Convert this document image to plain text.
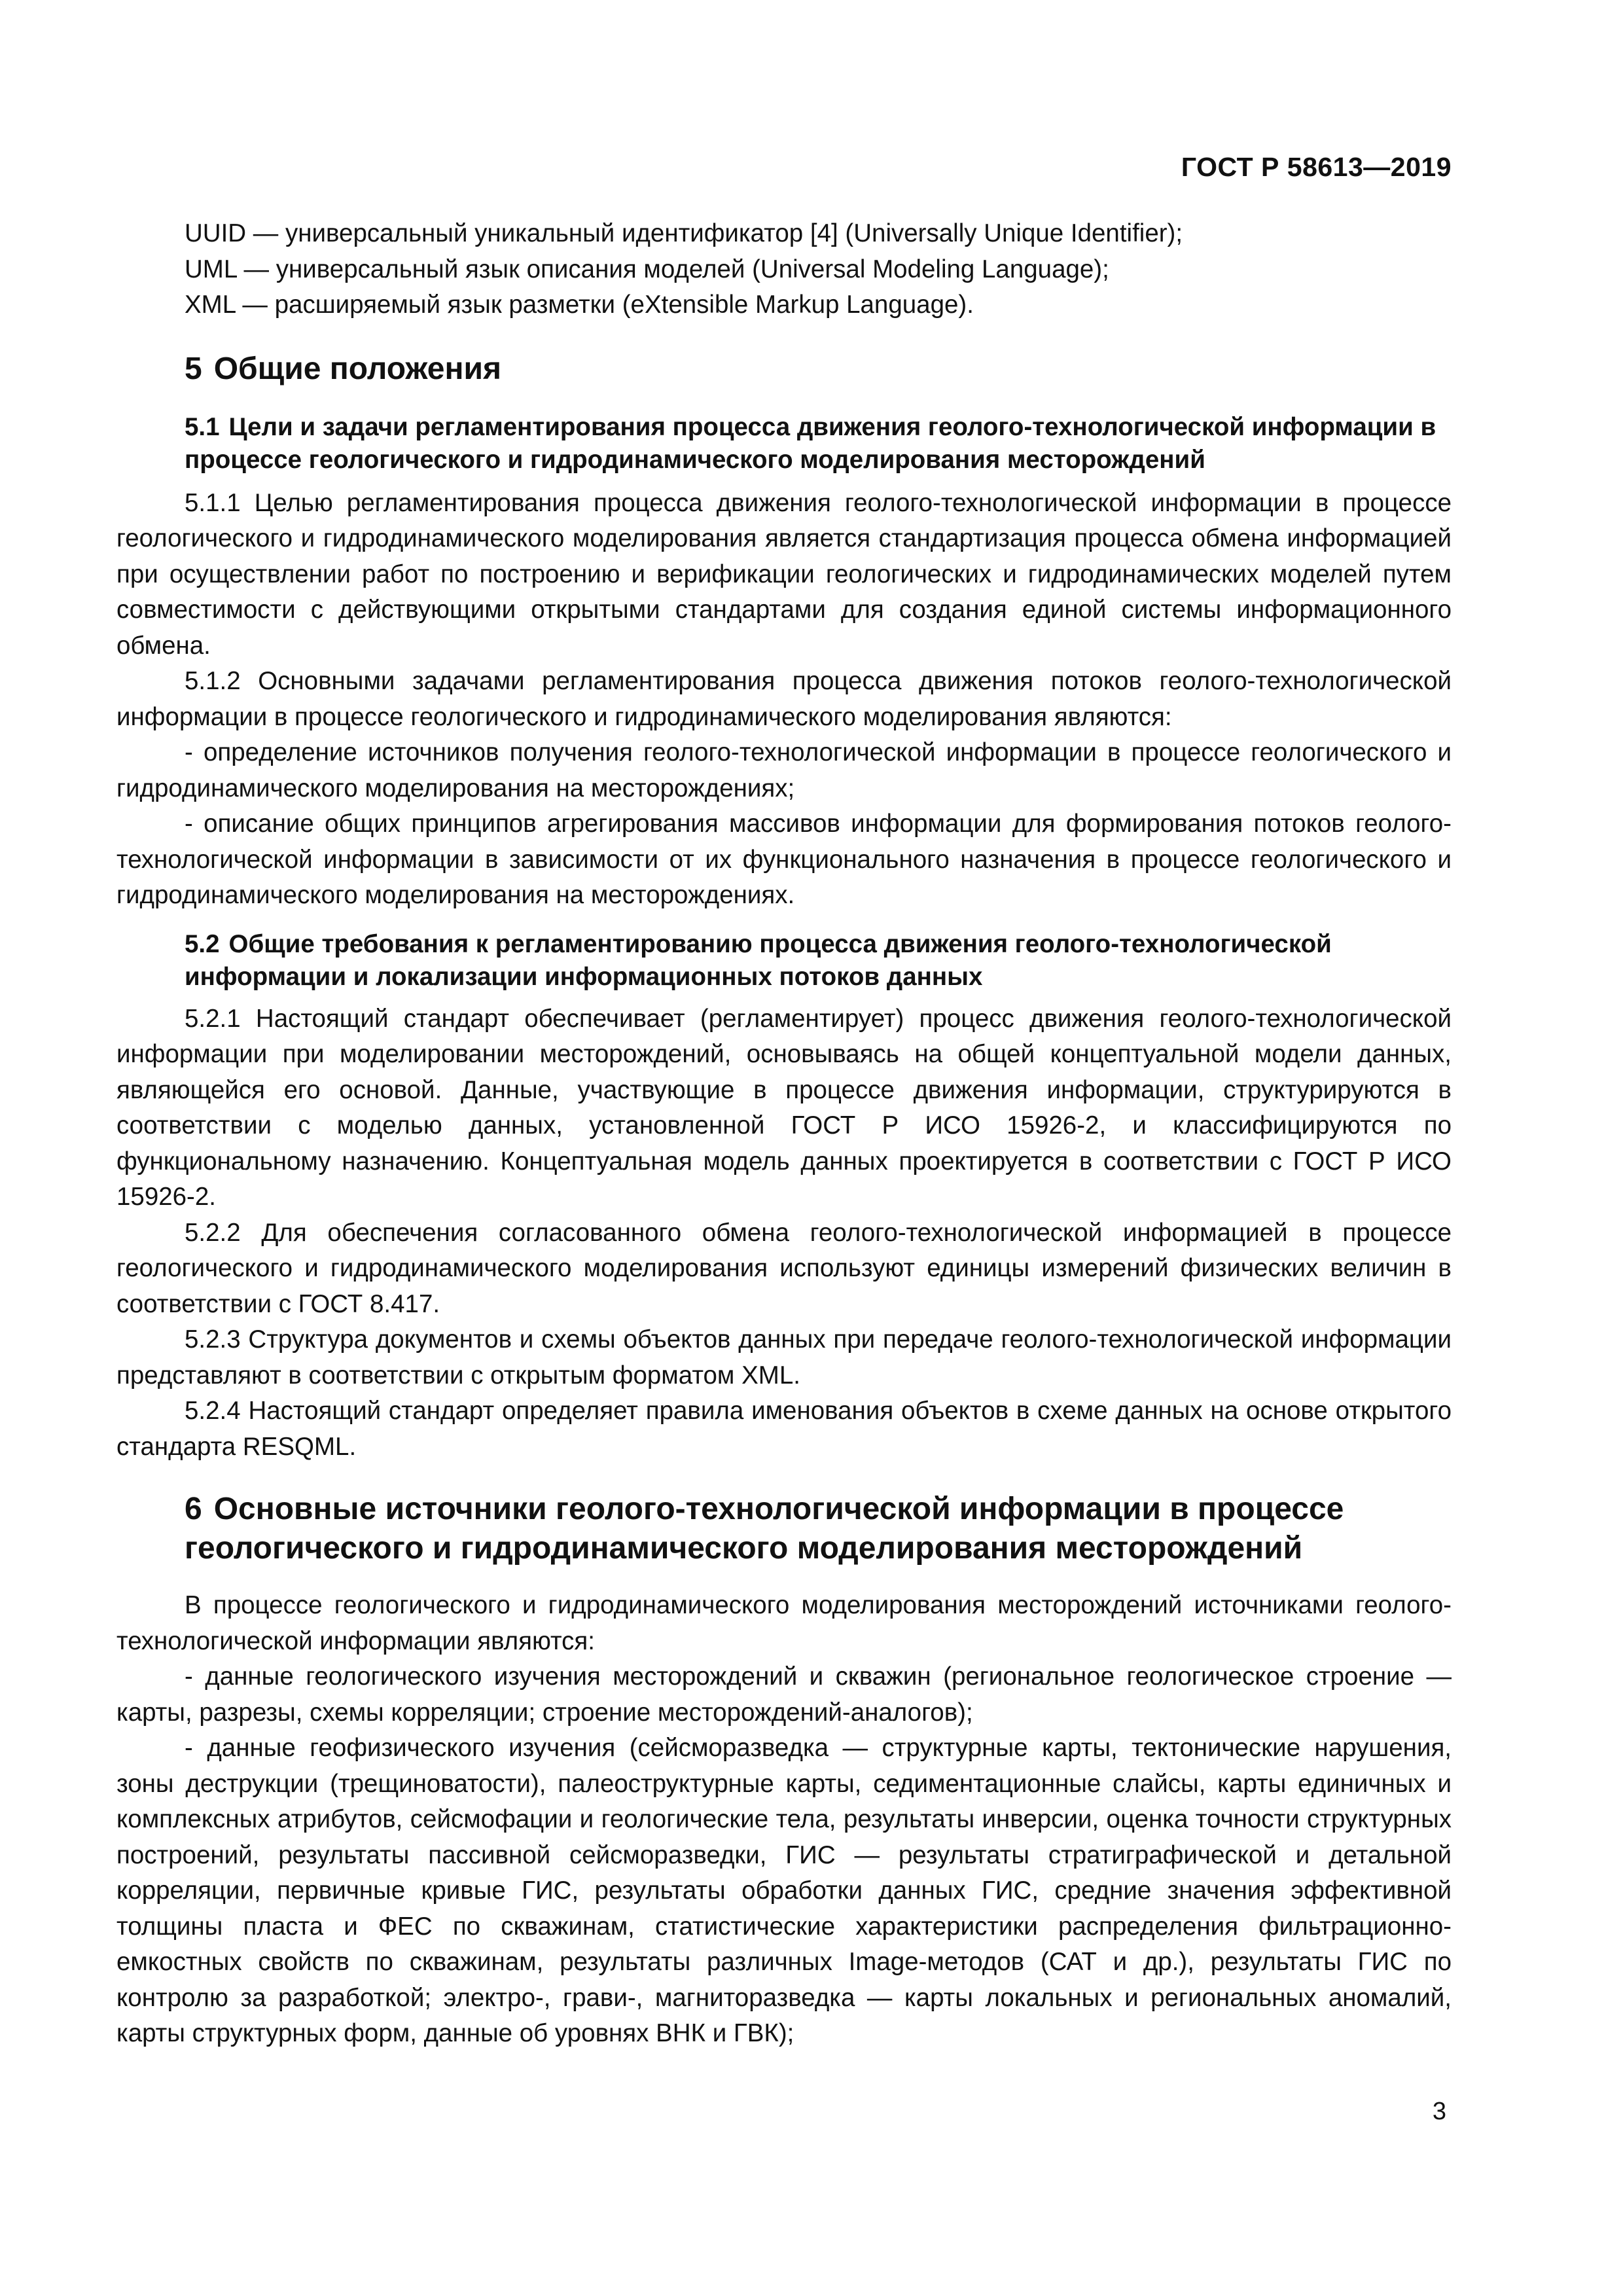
ГОСТ Р 58613—2019

UUID — универсальный уникальный идентификатор [4] (Universally Unique Identifier);

UML — универсальный язык описания моделей (Universal Modeling Language);

XML — расширяемый язык разметки (eXtensible Markup Language).

5 Общие положения
5.1 Цели и задачи регламентирования процесса движения геолого-технологической информации в процессе геологического и гидродинамического моделирования месторождений

5.1.1 Целью регламентирования процесса движения геолого-технологической информации в процессе геологического и гидродинамического моделирования является стандартизация процесса обмена информацией при осуществлении работ по построению и верификации геологических и гидродинамических моделей путем совместимости с действующими открытыми стандартами для создания единой системы информационного обмена.

5.1.2 Основными задачами регламентирования процесса движения потоков геолого-технологической информации в процессе геологического и гидродинамического моделирования являются:

- определение источников получения геолого-технологической информации в процессе геологического и гидродинамического моделирования на месторождениях;

- описание общих принципов агрегирования массивов информации для формирования потоков геолого-технологической информации в зависимости от их функционального назначения в процессе геологического и гидродинамического моделирования на месторождениях.

5.2 Общие требования к регламентированию процесса движения геолого-технологической информации и локализации информационных потоков данных

5.2.1 Настоящий стандарт обеспечивает (регламентирует) процесс движения геолого-технологической информации при моделировании месторождений, основываясь на общей концептуальной модели данных, являющейся его основой. Данные, участвующие в процессе движения информации, структурируются в соответствии с моделью данных, установленной ГОСТ Р ИСО 15926-2, и классифицируются по функциональному назначению. Концептуальная модель данных проектируется в соответствии с ГОСТ Р ИСО 15926-2.

5.2.2 Для обеспечения согласованного обмена геолого-технологической информацией в процессе геологического и гидродинамического моделирования используют единицы измерений физических величин в соответствии с ГОСТ 8.417.

5.2.3 Структура документов и схемы объектов данных при передаче геолого-технологической информации представляют в соответствии с открытым форматом XML.

5.2.4 Настоящий стандарт определяет правила именования объектов в схеме данных на основе открытого стандарта RESQML.

6 Основные источники геолого-технологической информации в процессе геологического и гидродинамического моделирования месторождений

В процессе геологического и гидродинамического моделирования месторождений источниками геолого-технологической информации являются:

- данные геологического изучения месторождений и скважин (региональное геологическое строение — карты, разрезы, схемы корреляции; строение месторождений-аналогов);

- данные геофизического изучения (сейсморазведка — структурные карты, тектонические нарушения, зоны деструкции (трещиноватости), палеоструктурные карты, седиментационные слайсы, карты единичных и комплексных атрибутов, сейсмофации и геологические тела, результаты инверсии, оценка точности структурных построений, результаты пассивной сейсморазведки, ГИС — результаты стратиграфической и детальной корреляции, первичные кривые ГИС, результаты обработки данных ГИС, средние значения эффективной толщины пласта и ФЕС по скважинам, статистические характеристики распределения фильтрационно-емкостных свойств по скважинам, результаты различных Image-методов (САТ и др.), результаты ГИС по контролю за разработкой; электро-, грави-, магниторазведка — карты локальных и региональных аномалий, карты структурных форм, данные об уровнях ВНК и ГВК);

3
